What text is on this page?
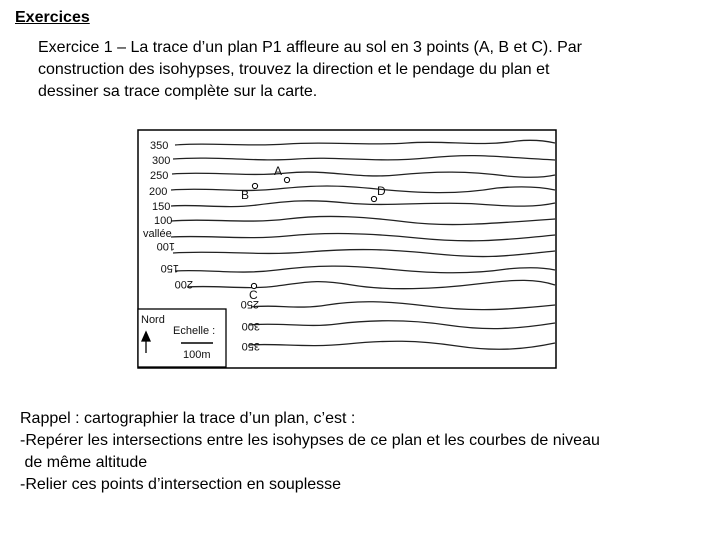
Exercices
Exercice 1 – La trace d’un plan P1 affleure au sol en 3 points (A, B et C). Par
construction des isohypses, trouvez la direction et le pendage du plan et
dessiner sa trace complète sur la carte.
350
300
250
200
150
100
vallée
100
150
200
250
300
350
A
B	D
C
Nord
Echelle :
100m
Rappel : cartographier la trace d’un plan, c’est :
-Repérer les intersections entre les isohypses de ce plan et les courbes de niveau
de même altitude
-Relier ces points d’intersection en souplesse
